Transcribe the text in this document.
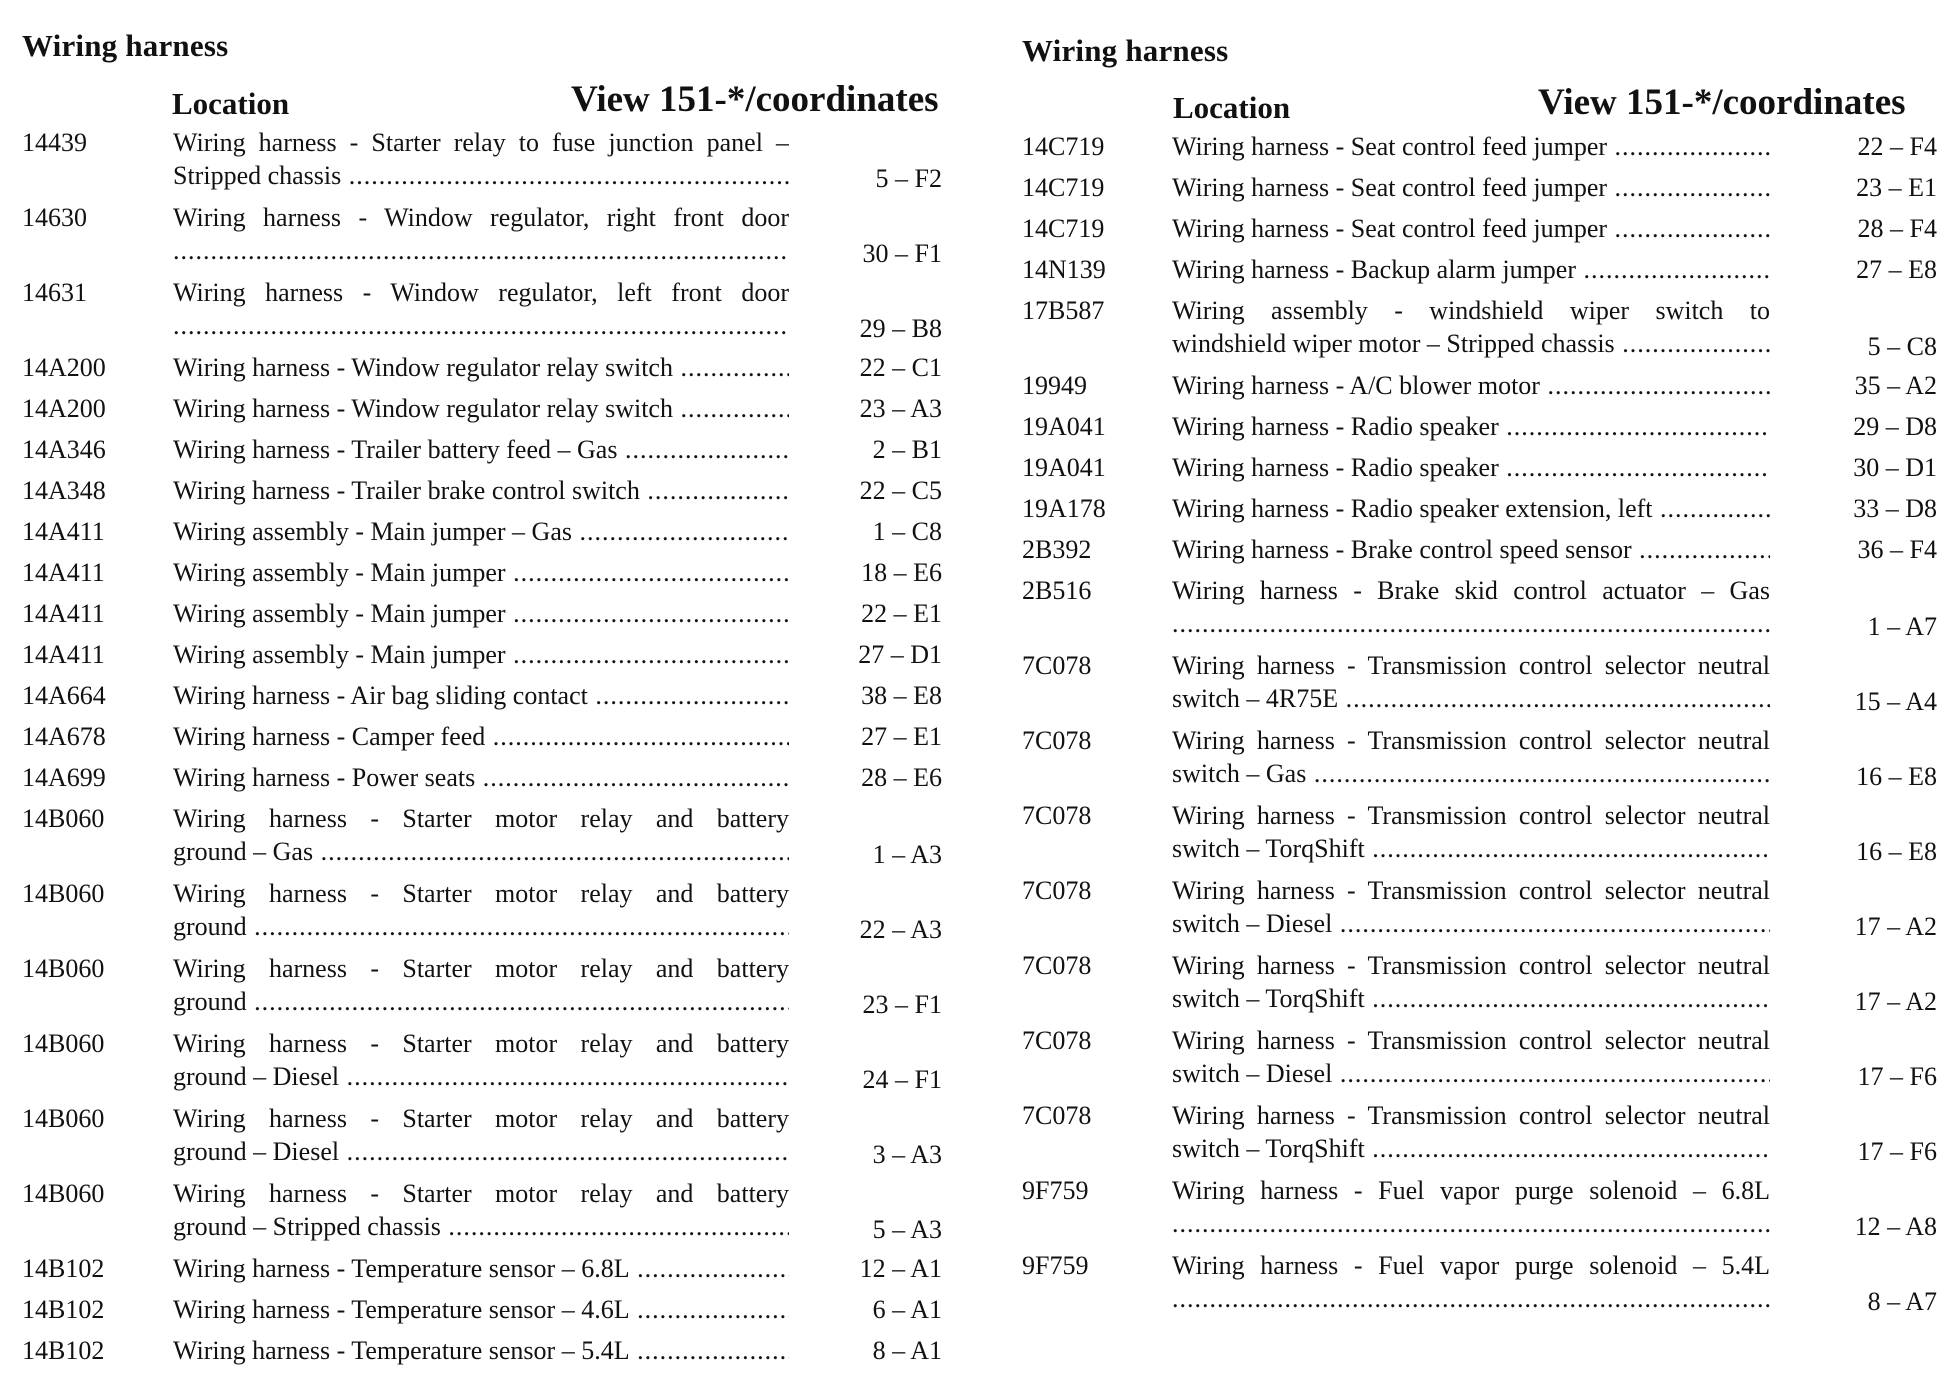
Wiring harness
Location	View 151-*/coordinates
14439	Wiring harness - Starter relay to fuse junction panel –
Stripped chassis .....	5 – F2
14630	Wiring harness - Window regulator, right front door
.....
30 – F1
14631	Wiring harness - Window regulator, left front door
.....
29 – B8
14A200	Wiring harness - Window regulator relay switch .....	22 – C1
14A200	Wiring harness - Window regulator relay switch .....	23 – A3
14A346	Wiring harness - Trailer battery feed – Gas .....	2 – B1
14A348	Wiring harness - Trailer brake control switch .....	22 – C5
14A411	Wiring assembly - Main jumper – Gas .....	1 – C8
14A411	Wiring assembly - Main jumper .....	18 – E6
14A411	Wiring assembly - Main jumper .....	22 – E1
14A411	Wiring assembly - Main jumper .....	27 – D1
14A664	Wiring harness - Air bag sliding contact .....	38 – E8
14A678	Wiring harness - Camper feed .....	27 – E1
14A699	Wiring harness - Power seats .....	28 – E6
14B060	Wiring harness - Starter motor relay and battery
ground – Gas .....	1 – A3
14B060	Wiring harness - Starter motor relay and battery
ground .....	22 – A3
14B060	Wiring harness - Starter motor relay and battery
ground .....	23 – F1
14B060	Wiring harness - Starter motor relay and battery
ground – Diesel .....	24 – F1
14B060	Wiring harness - Starter motor relay and battery
ground – Diesel .....	3 – A3
14B060	Wiring harness - Starter motor relay and battery
ground – Stripped chassis .....	5 – A3
14B102	Wiring harness - Temperature sensor – 6.8L .....	12 – A1
14B102	Wiring harness - Temperature sensor – 4.6L .....	6 – A1
14B102	Wiring harness - Temperature sensor – 5.4L .....	8 – A1
Wiring harness
Location	View 151-*/coordinates
14C719	Wiring harness - Seat control feed jumper .....	22 – F4
14C719	Wiring harness - Seat control feed jumper .....	23 – E1
14C719	Wiring harness - Seat control feed jumper .....	28 – F4
14N139	Wiring harness - Backup alarm jumper .....	27 – E8
17B587	Wiring assembly - windshield wiper switch to
windshield wiper motor – Stripped chassis .....	5 – C8
19949	Wiring harness - A/C blower motor .....	35 – A2
19A041	Wiring harness - Radio speaker .....	29 – D8
19A041	Wiring harness - Radio speaker .....	30 – D1
19A178	Wiring harness - Radio speaker extension, left .....	33 – D8
2B392	Wiring harness - Brake control speed sensor .....	36 – F4
2B516	Wiring harness - Brake skid control actuator – Gas
.....
1 – A7
7C078	Wiring harness - Transmission control selector neutral
switch – 4R75E .....	15 – A4
7C078	Wiring harness - Transmission control selector neutral
switch – Gas .....	16 – E8
7C078	Wiring harness - Transmission control selector neutral
switch – TorqShift .....	16 – E8
7C078	Wiring harness - Transmission control selector neutral
switch – Diesel .....	17 – A2
7C078	Wiring harness - Transmission control selector neutral
switch – TorqShift .....	17 – A2
7C078	Wiring harness - Transmission control selector neutral
switch – Diesel .....	17 – F6
7C078	Wiring harness - Transmission control selector neutral
switch – TorqShift .....	17 – F6
9F759	Wiring harness - Fuel vapor purge solenoid – 6.8L
.....
12 – A8
9F759	Wiring harness - Fuel vapor purge solenoid – 5.4L
.....
8 – A7
